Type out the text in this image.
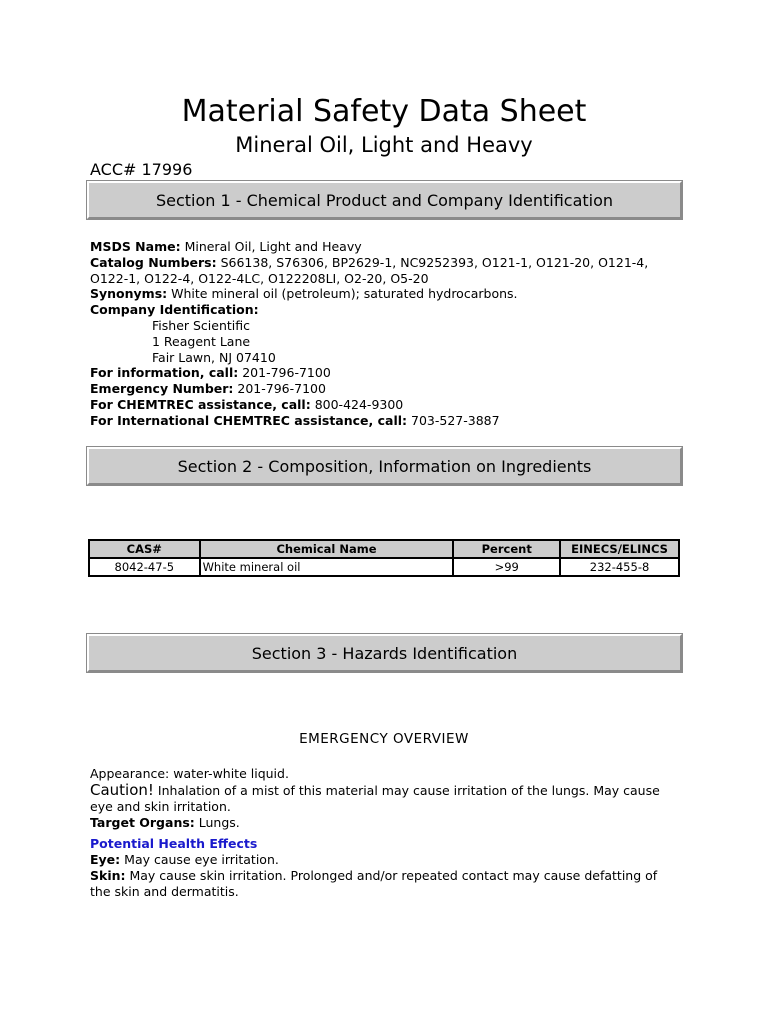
Material Safety Data Sheet
Mineral Oil, Light and Heavy
ACC# 17996
Section 1 - Chemical Product and Company Identification
MSDS Name: Mineral Oil, Light and Heavy
Catalog Numbers: S66138, S76306, BP2629-1, NC9252393, O121-1, O121-20, O121-4,
O122-1, O122-4, O122-4LC, O122208LI, O2-20, O5-20
Synonyms: White mineral oil (petroleum); saturated hydrocarbons.
Company Identification:
Fisher Scientific
1 Reagent Lane
Fair Lawn, NJ 07410
For information, call: 201-796-7100
Emergency Number: 201-796-7100
For CHEMTREC assistance, call: 800-424-9300
For International CHEMTREC assistance, call: 703-527-3887
Section 2 - Composition, Information on Ingredients
CAS#	Chemical Name	Percent	EINECS/ELINCS
8042-47-5	White mineral oil	>99	232-455-8
Section 3 - Hazards Identification
EMERGENCY OVERVIEW
Appearance: water-white liquid.
Caution! Inhalation of a mist of this material may cause irritation of the lungs. May cause eye and skin irritation.
Target Organs: Lungs.
Potential Health Effects
Eye: May cause eye irritation.
Skin: May cause skin irritation. Prolonged and/or repeated contact may cause defatting of the skin and dermatitis.
